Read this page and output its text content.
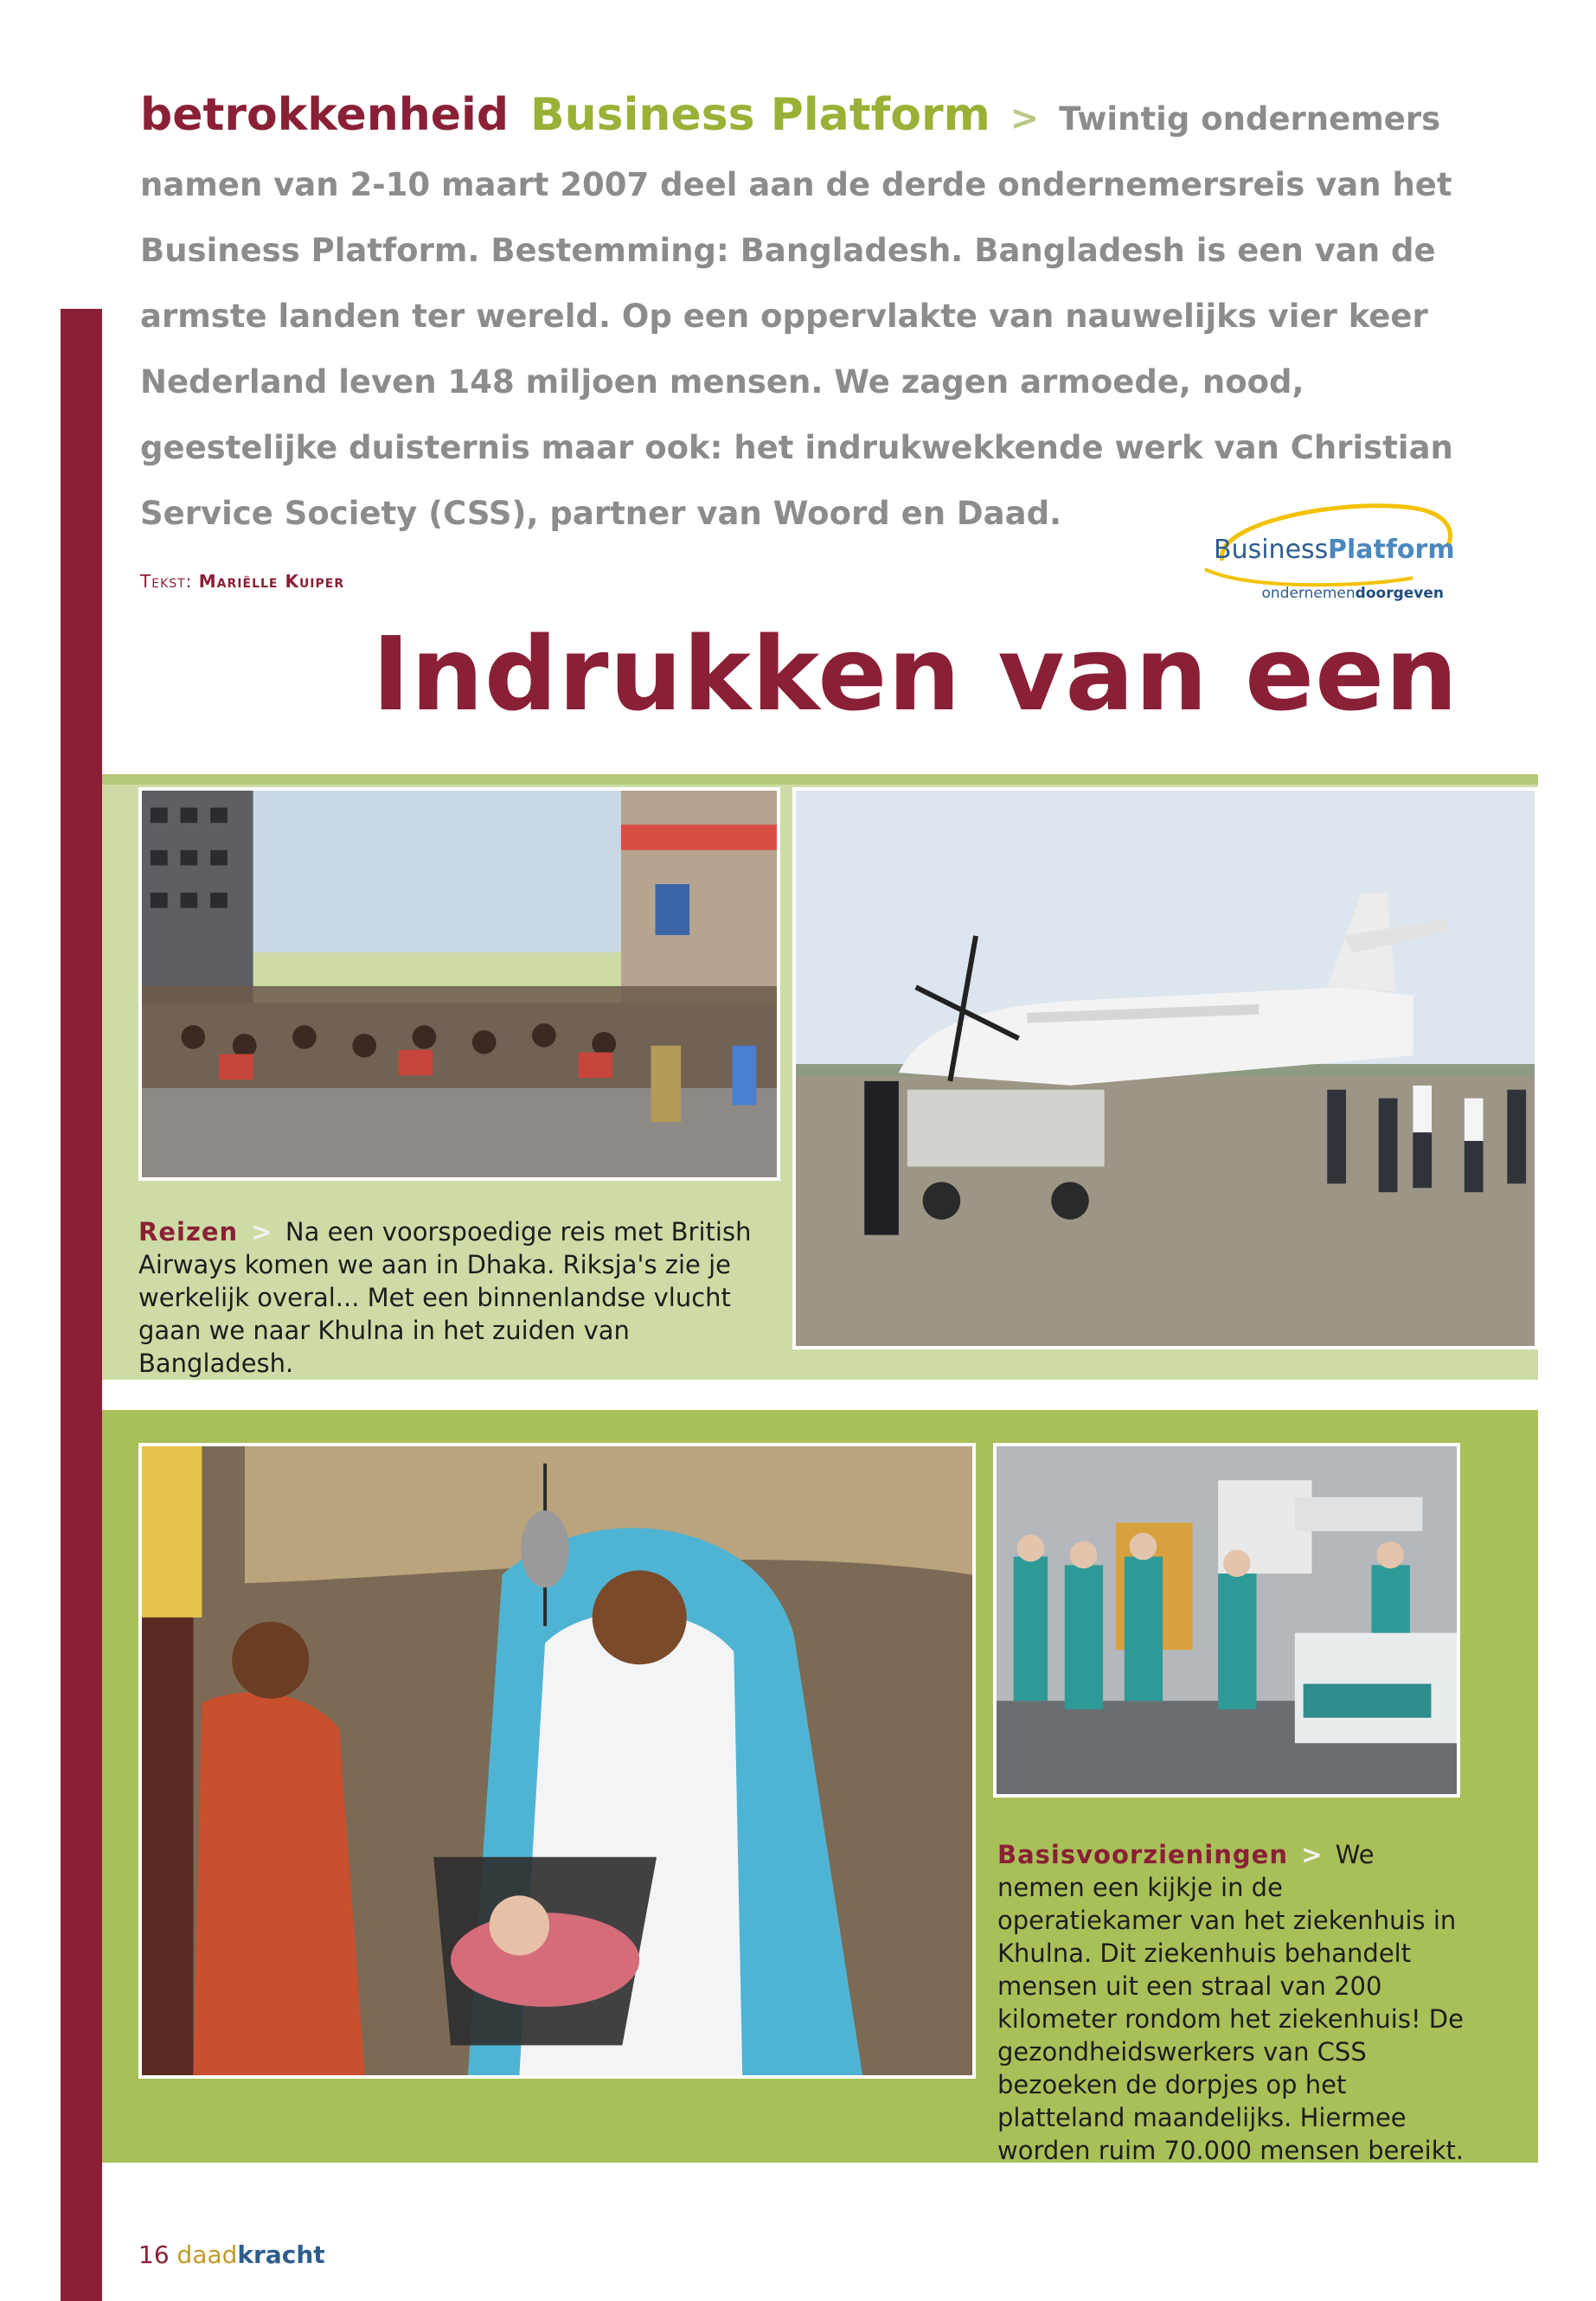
betrokkenheid Business Platform > Twintig ondernemers namen van 2-10 maart 2007 deel aan de derde ondernemersreis van het Business Platform. Bestemming: Bangladesh. Bangladesh is een van de armste landen ter wereld. Op een oppervlakte van nauwelijks vier keer Nederland leven 148 miljoen mensen. We zagen armoede, nood, geestelijke duisternis maar ook: het indrukwekkende werk van Christian Service Society (CSS), partner van Woord en Daad.
Tekst: Mariëlle Kuiper
Business Platform
ondernemendoorgeven
Indrukken van een
Reizen > Na een voorspoedige reis met British Airways komen we aan in Dhaka. Riksja's zie je werkelijk overal... Met een binnenlandse vlucht gaan we naar Khulna in het zuiden van Bangladesh.
Basisvoorzieningen > We nemen een kijkje in de operatiekamer van het ziekenhuis in Khulna. Dit ziekenhuis behandelt mensen uit een straal van 200 kilometer rondom het ziekenhuis! De gezondheidswerkers van CSS bezoeken de dorpjes op het platteland maandelijks. Hiermee worden ruim 70.000 mensen bereikt.
16 daadkracht
